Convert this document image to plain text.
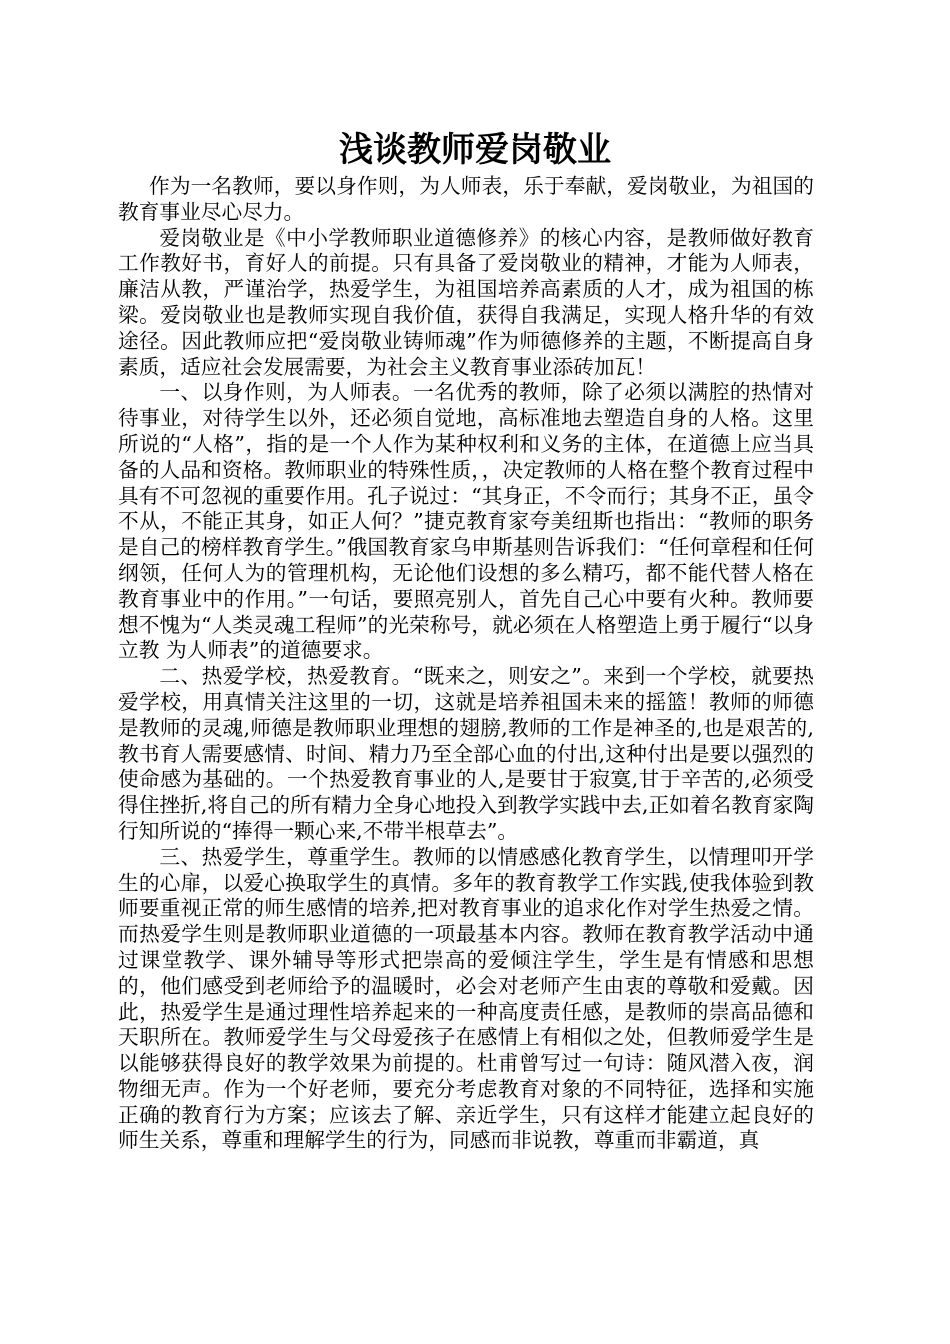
浅谈教师爱岗敬业

作为一名教师，要以身作则，为人师表，乐于奉献，爱岗敬业，为祖国的教育事业尽心尽力。

爱岗敬业是《中小学教师职业道德修养》的核心内容，是教师做好教育工作教好书，育好人的前提。只有具备了爱岗敬业的精神，才能为人师表，廉洁从教，严谨治学，热爱学生，为祖国培养高素质的人才，成为祖国的栋梁。爱岗敬业也是教师实现自我价值，获得自我满足，实现人格升华的有效途径。因此教师应把“爱岗敬业铸师魂”作为师德修养的主题，不断提高自身素质，适应社会发展需要，为社会主义教育事业添砖加瓦！

一、以身作则，为人师表。一名优秀的教师，除了必须以满腔的热情对待事业，对待学生以外，还必须自觉地，高标准地去塑造自身的人格。这里所说的“人格”，指的是一个人作为某种权利和义务的主体，在道德上应当具备的人品和资格。教师职业的特殊性质，，决定教师的人格在整个教育过程中具有不可忽视的重要作用。孔子说过：“其身正，不令而行；其身不正，虽令不从，不能正其身，如正人何？”捷克教育家夸美纽斯也指出：“教师的职务是自己的榜样教育学生。”俄国教育家乌申斯基则告诉我们：“任何章程和任何纲领，任何人为的管理机构，无论他们设想的多么精巧，都不能代替人格在教育事业中的作用。”一句话，要照亮别人，首先自己心中要有火种。教师要想不愧为“人类灵魂工程师”的光荣称号，就必须在人格塑造上勇于履行“以身立教 为人师表”的道德要求。

二、热爱学校，热爱教育。“既来之，则安之”。来到一个学校，就要热爱学校，用真情关注这里的一切，这就是培养祖国未来的摇篮！教师的师德是教师的灵魂,师德是教师职业理想的翅膀,教师的工作是神圣的,也是艰苦的,教书育人需要感情、时间、精力乃至全部心血的付出,这种付出是要以强烈的使命感为基础的。一个热爱教育事业的人,是要甘于寂寞,甘于辛苦的,必须受得住挫折,将自己的所有精力全身心地投入到教学实践中去,正如着名教育家陶行知所说的“捧得一颗心来,不带半根草去”。

三、热爱学生，尊重学生。教师的以情感感化教育学生，以情理叩开学生的心扉，以爱心换取学生的真情。多年的教育教学工作实践,使我体验到教师要重视正常的师生感情的培养,把对教育事业的追求化作对学生热爱之情。而热爱学生则是教师职业道德的一项最基本内容。教师在教育教学活动中通过课堂教学、课外辅导等形式把崇高的爱倾注学生，学生是有情感和思想的，他们感受到老师给予的温暖时，必会对老师产生由衷的尊敬和爱戴。因此，热爱学生是通过理性培养起来的一种高度责任感，是教师的崇高品德和天职所在。教师爱学生与父母爱孩子在感情上有相似之处，但教师爱学生是以能够获得良好的教学效果为前提的。杜甫曾写过一句诗：随风潜入夜，润物细无声。作为一个好老师，要充分考虑教育对象的不同特征，选择和实施正确的教育行为方案；应该去了解、亲近学生，只有这样才能建立起良好的师生关系，尊重和理解学生的行为，同感而非说教，尊重而非霸道，真
